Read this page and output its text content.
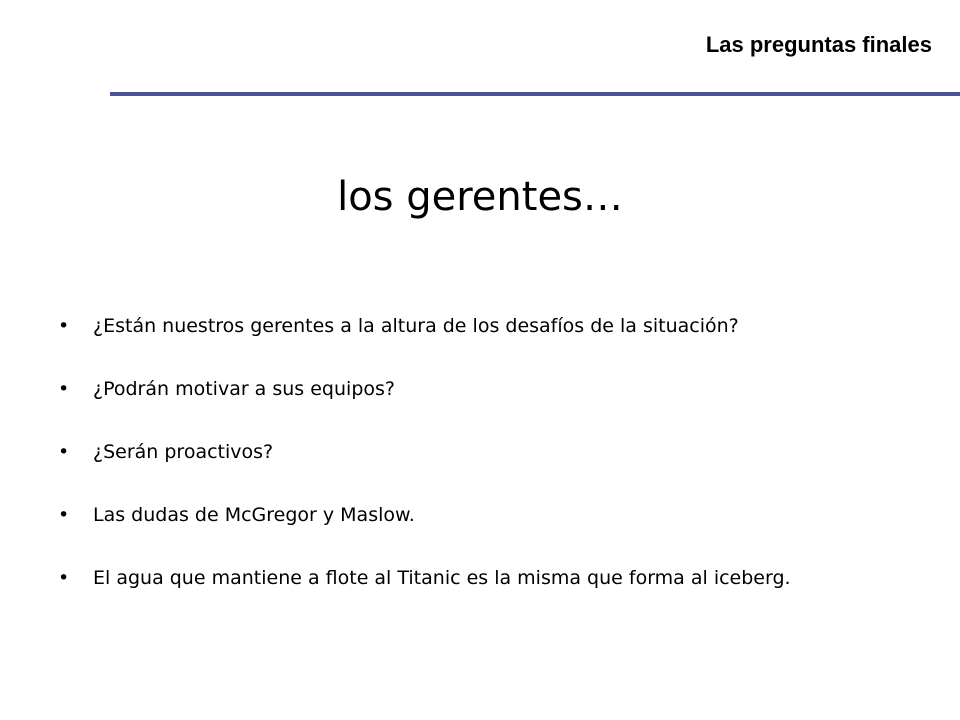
Las preguntas finales
los gerentes…
•	¿Están nuestros gerentes a la altura de los desafíos de la situación?
•	¿Podrán motivar a sus equipos?
•	¿Serán proactivos?
•	Las dudas de McGregor y Maslow.
•	El agua que mantiene a flote al Titanic es la misma que forma al iceberg.
